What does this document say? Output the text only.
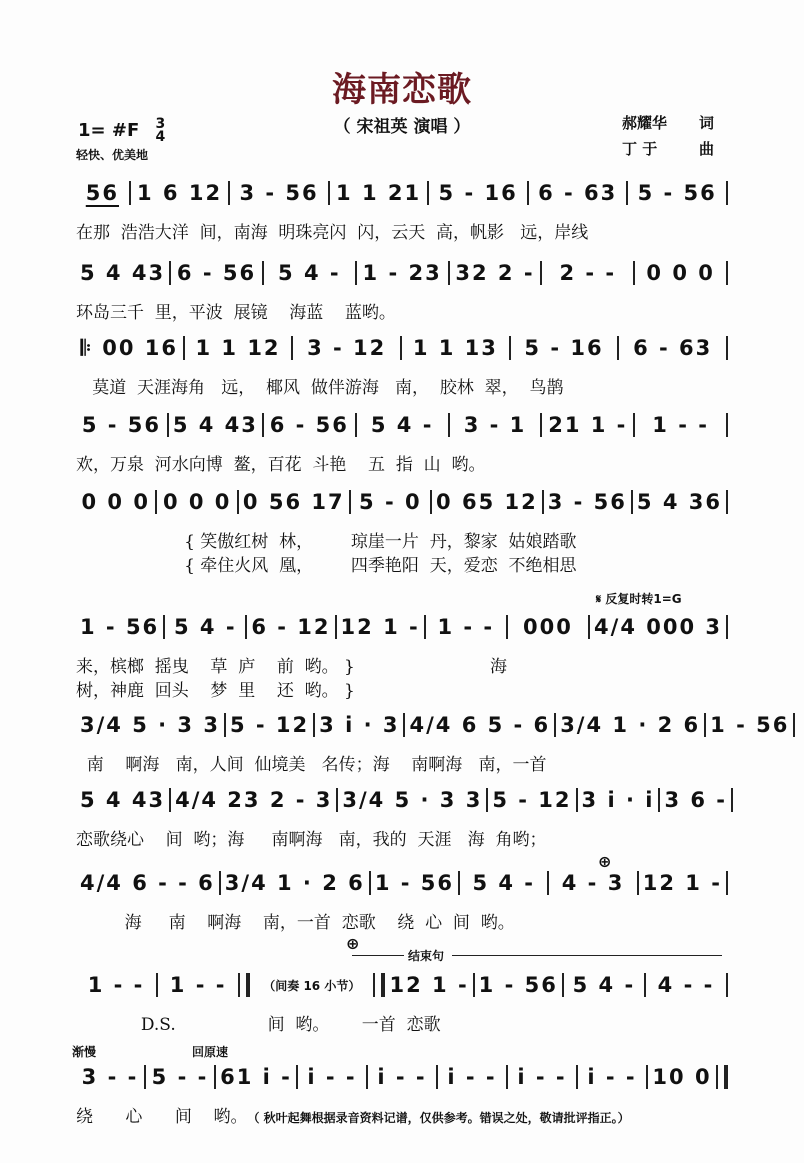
海南恋歌
（ 宋祖英 演唱 ）
1= #F 3
4
轻快、优美地
郝耀华 词
丁 于	曲
56 1 6 12 3 - 56 1 1 21 5 - 16 6 - 63 5 - 56
在那  浩浩大洋  间，南海  明珠亮闪  闪，云天  高，帆影   远，岸线
5 4 43 6 - 56 5 4 - 1 - 23 32 2 - 2 - - 0 0 0
环岛三千  里，平波  展镜    海蓝    蓝哟。
𝄆 00 16 1 1 12 3 - 12 1 1 13 5 - 16 6 - 63
莫道  天涯海角   远，  椰风  做伴游海   南，  胶林  翠，  鸟鹊
5 - 56 5 4 43 6 - 56 5 4 - 3 - 1 21 1 - 1 - -
欢，万泉  河水向博  鳌，百花  斗艳    五  指  山  哟。
0 0 0 0 0 0 0 56 17 5 - 0 0 65 12 3 - 56 5 4 36
{ 笑傲红树  林，       琼崖一片  丹，黎家  姑娘踏歌
{ 牵住火风  凰，       四季艳阳  天，爱恋  不绝相思
𝄋 反复时转1=G
1 - 56 5 4 - 6 - 12 12 1 - 1 - - 000 4/4 000 3
来，槟榔  摇曳    草  庐    前  哟。 }                         海
树，神鹿  回头    梦  里    还  哟。 }
3/4 5 · 3 3 5 - 12 3 i · 3 4/4 6 5 - 6 3/4 1 · 2 6 1 - 56
南    啊海   南，人间  仙境美   名传；海    南啊海   南，一首
5 4 43 4/4 23 2 - 3 3/4 5 · 3 3 5 - 12 3 i · i 3 6 -
恋歌绕心    间  哟；海     南啊海   南，我的  天涯   海  角哟；
⊕
4/4 6 - - 6 3/4 1 · 2 6 1 - 56 5 4 - 4 - 3 12 1 -
海     南    啊海    南，一首  恋歌    绕  心  间  哟。
⊕
结束句
1 - - 1 - -	（间奏 16 小节） 12 1 - 1 - 56 5 4 - 4 - -
D.S.                 间  哟。      一首  恋歌
渐慢	回原速
3 - - 5 - - 61 i - i - - i - - i - - i - - i - - 10 0
绕      心      间    哟。 （ 秋叶起舞根据录音资料记谱，仅供参考。错误之处，敬请批评指正。）
